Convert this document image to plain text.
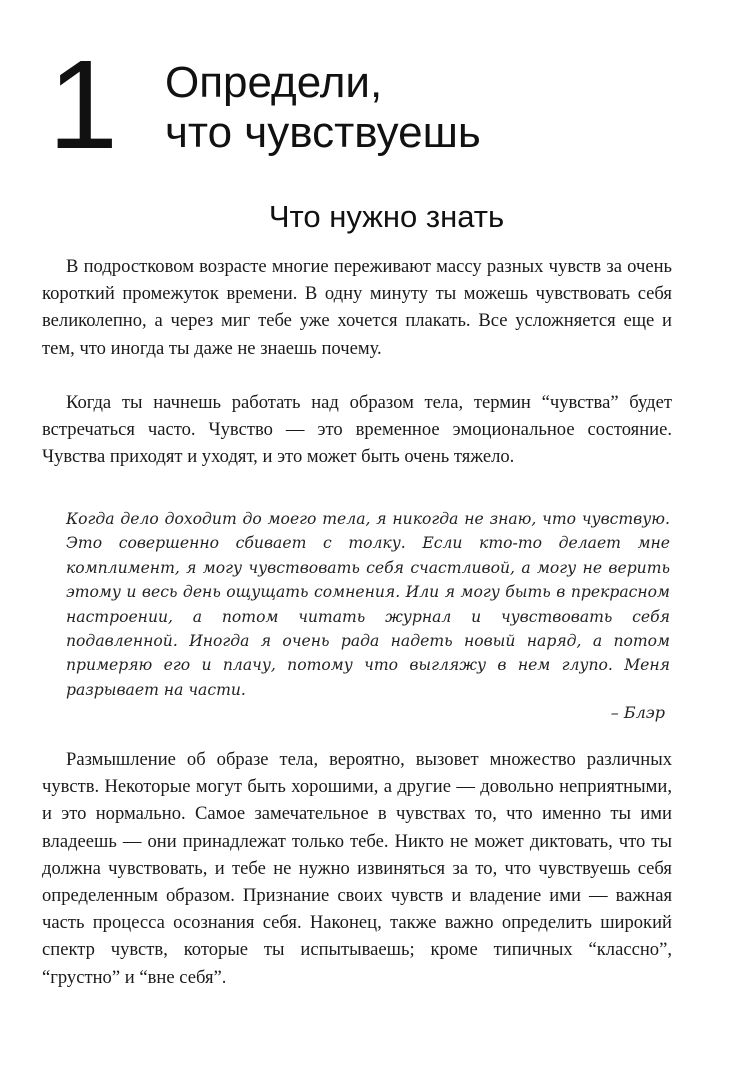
1 Определи,
что чувствуешь
Что нужно знать

В подростковом возрасте многие переживают массу разных чувств за очень короткий промежуток времени. В одну минуту ты можешь чувствовать себя великолепно, а через миг тебе уже хочется плакать. Все усложняется еще и тем, что иногда ты даже не знаешь почему.

Когда ты начнешь работать над образом тела, термин “чувства” будет встречаться часто. Чувство — это временное эмоциональное состояние. Чувства приходят и уходят, и это может быть очень тяжело.

Когда дело доходит до моего тела, я никогда не знаю, что чувствую. Это совершенно сбивает с толку. Если кто-то делает мне комплимент, я могу чувствовать себя счастливой, а могу не верить этому и весь день ощущать сомнения. Или я могу быть в прекрасном настроении, а потом читать журнал и чувствовать себя подавленной. Иногда я очень рада надеть новый наряд, а потом примеряю его и плачу, потому что выгляжу в нем глупо. Меня разрывает на части.

– Блэр

Размышление об образе тела, вероятно, вызовет множество различных чувств. Некоторые могут быть хорошими, а другие — довольно неприятными, и это нормально. Самое замечательное в чувствах то, что именно ты ими владеешь — они принадлежат только тебе. Никто не может диктовать, что ты должна чувствовать, и тебе не нужно извиняться за то, что чувствуешь себя определенным образом. Признание своих чувств и владение ими — важная часть процесса осознания себя. Наконец, также важно определить широкий спектр чувств, которые ты испытываешь; кроме типичных “классно”, “грустно” и “вне себя”.
